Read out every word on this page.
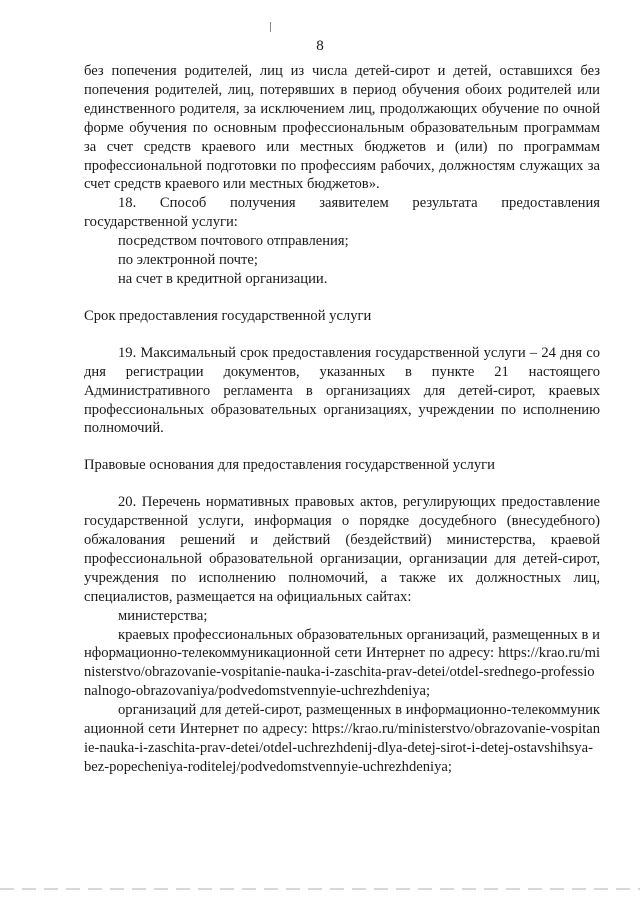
8

без попечения родителей, лиц из числа детей-сирот и детей, оставшихся без попечения родителей, лиц, потерявших в период обучения обоих родителей или единственного родителя, за исключением лиц, продолжающих обучение по очной форме обучения по основным профессиональным образовательным программам за счет средств краевого или местных бюджетов и (или) по программам профессиональной подготовки по профессиям рабочих, должностям служащих за счет средств краевого или местных бюджетов».

18. Способ получения заявителем результата предоставления государственной услуги:

посредством почтового отправления;

по электронной почте;

на счет в кредитной организации.

Срок предоставления государственной услуги

19. Максимальный срок предоставления государственной услуги – 24 дня со дня регистрации документов, указанных в пункте 21 настоящего Административного регламента в организациях для детей-сирот, краевых профессиональных образовательных организациях, учреждении по исполнению полномочий.

Правовые основания для предоставления государственной услуги

20. Перечень нормативных правовых актов, регулирующих предоставление государственной услуги, информация о порядке досудебного (внесудебного) обжалования решений и действий (бездействий) министерства, краевой профессиональной образовательной организации, организации для детей-сирот, учреждения по исполнению полномочий, а также их должностных лиц, специалистов, размещается на официальных сайтах:

министерства;

краевых профессиональных образовательных организаций, размещенных в информационно-телекоммуникационной сети Интернет по адресу: https://krao.ru/ministerstvo/obrazovanie-vospitanie-nauka-i-zaschita-prav-detei/otdel-srednego-professionalnogo-obrazovaniya/podvedomstvennyie-uchrezhdeniya;

организаций для детей-сирот, размещенных в информационно-телекоммуникационной сети Интернет по адресу: https://krao.ru/ministerstvo/obrazovanie-vospitanie-nauka-i-zaschita-prav-detei/otdel-uchrezhdenij-dlya-detej-sirot-i-detej-ostavshihsya-bez-popecheniya-roditelej/podvedomstvennyie-uchrezhdeniya;
